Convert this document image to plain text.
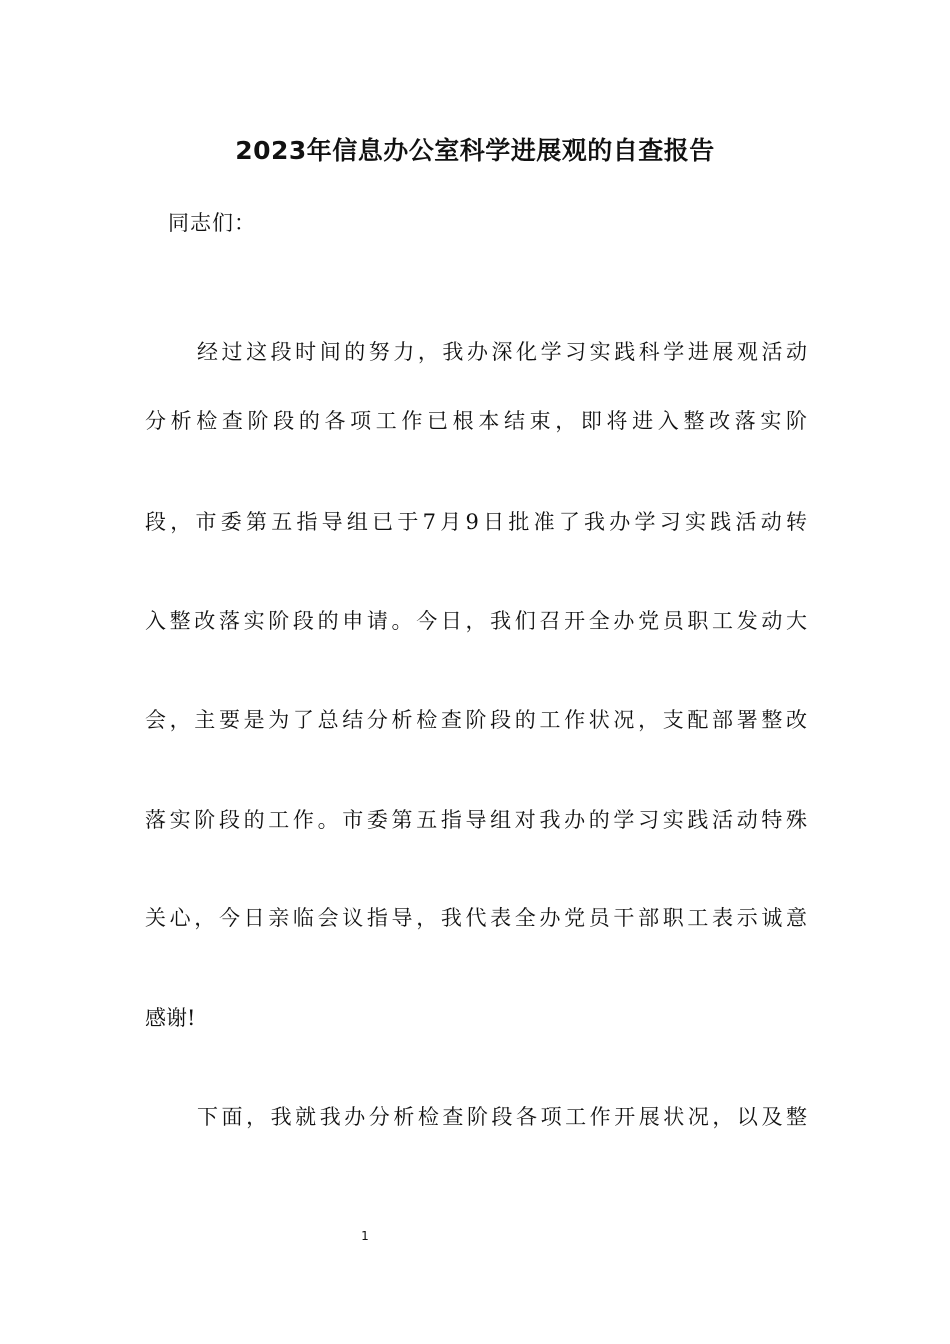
2023年信息办公室科学进展观的自查报告

同志们：

经过这段时间的努力，我办深化学习实践科学进展观活动

分析检查阶段的各项工作已根本结束，即将进入整改落实阶

段，市委第五指导组已于7月9日批准了我办学习实践活动转

入整改落实阶段的申请。今日，我们召开全办党员职工发动大

会，主要是为了总结分析检查阶段的工作状况，支配部署整改

落实阶段的工作。市委第五指导组对我办的学习实践活动特殊

关心，今日亲临会议指导，我代表全办党员干部职工表示诚意

感谢!

下面，我就我办分析检查阶段各项工作开展状况，以及整

1
